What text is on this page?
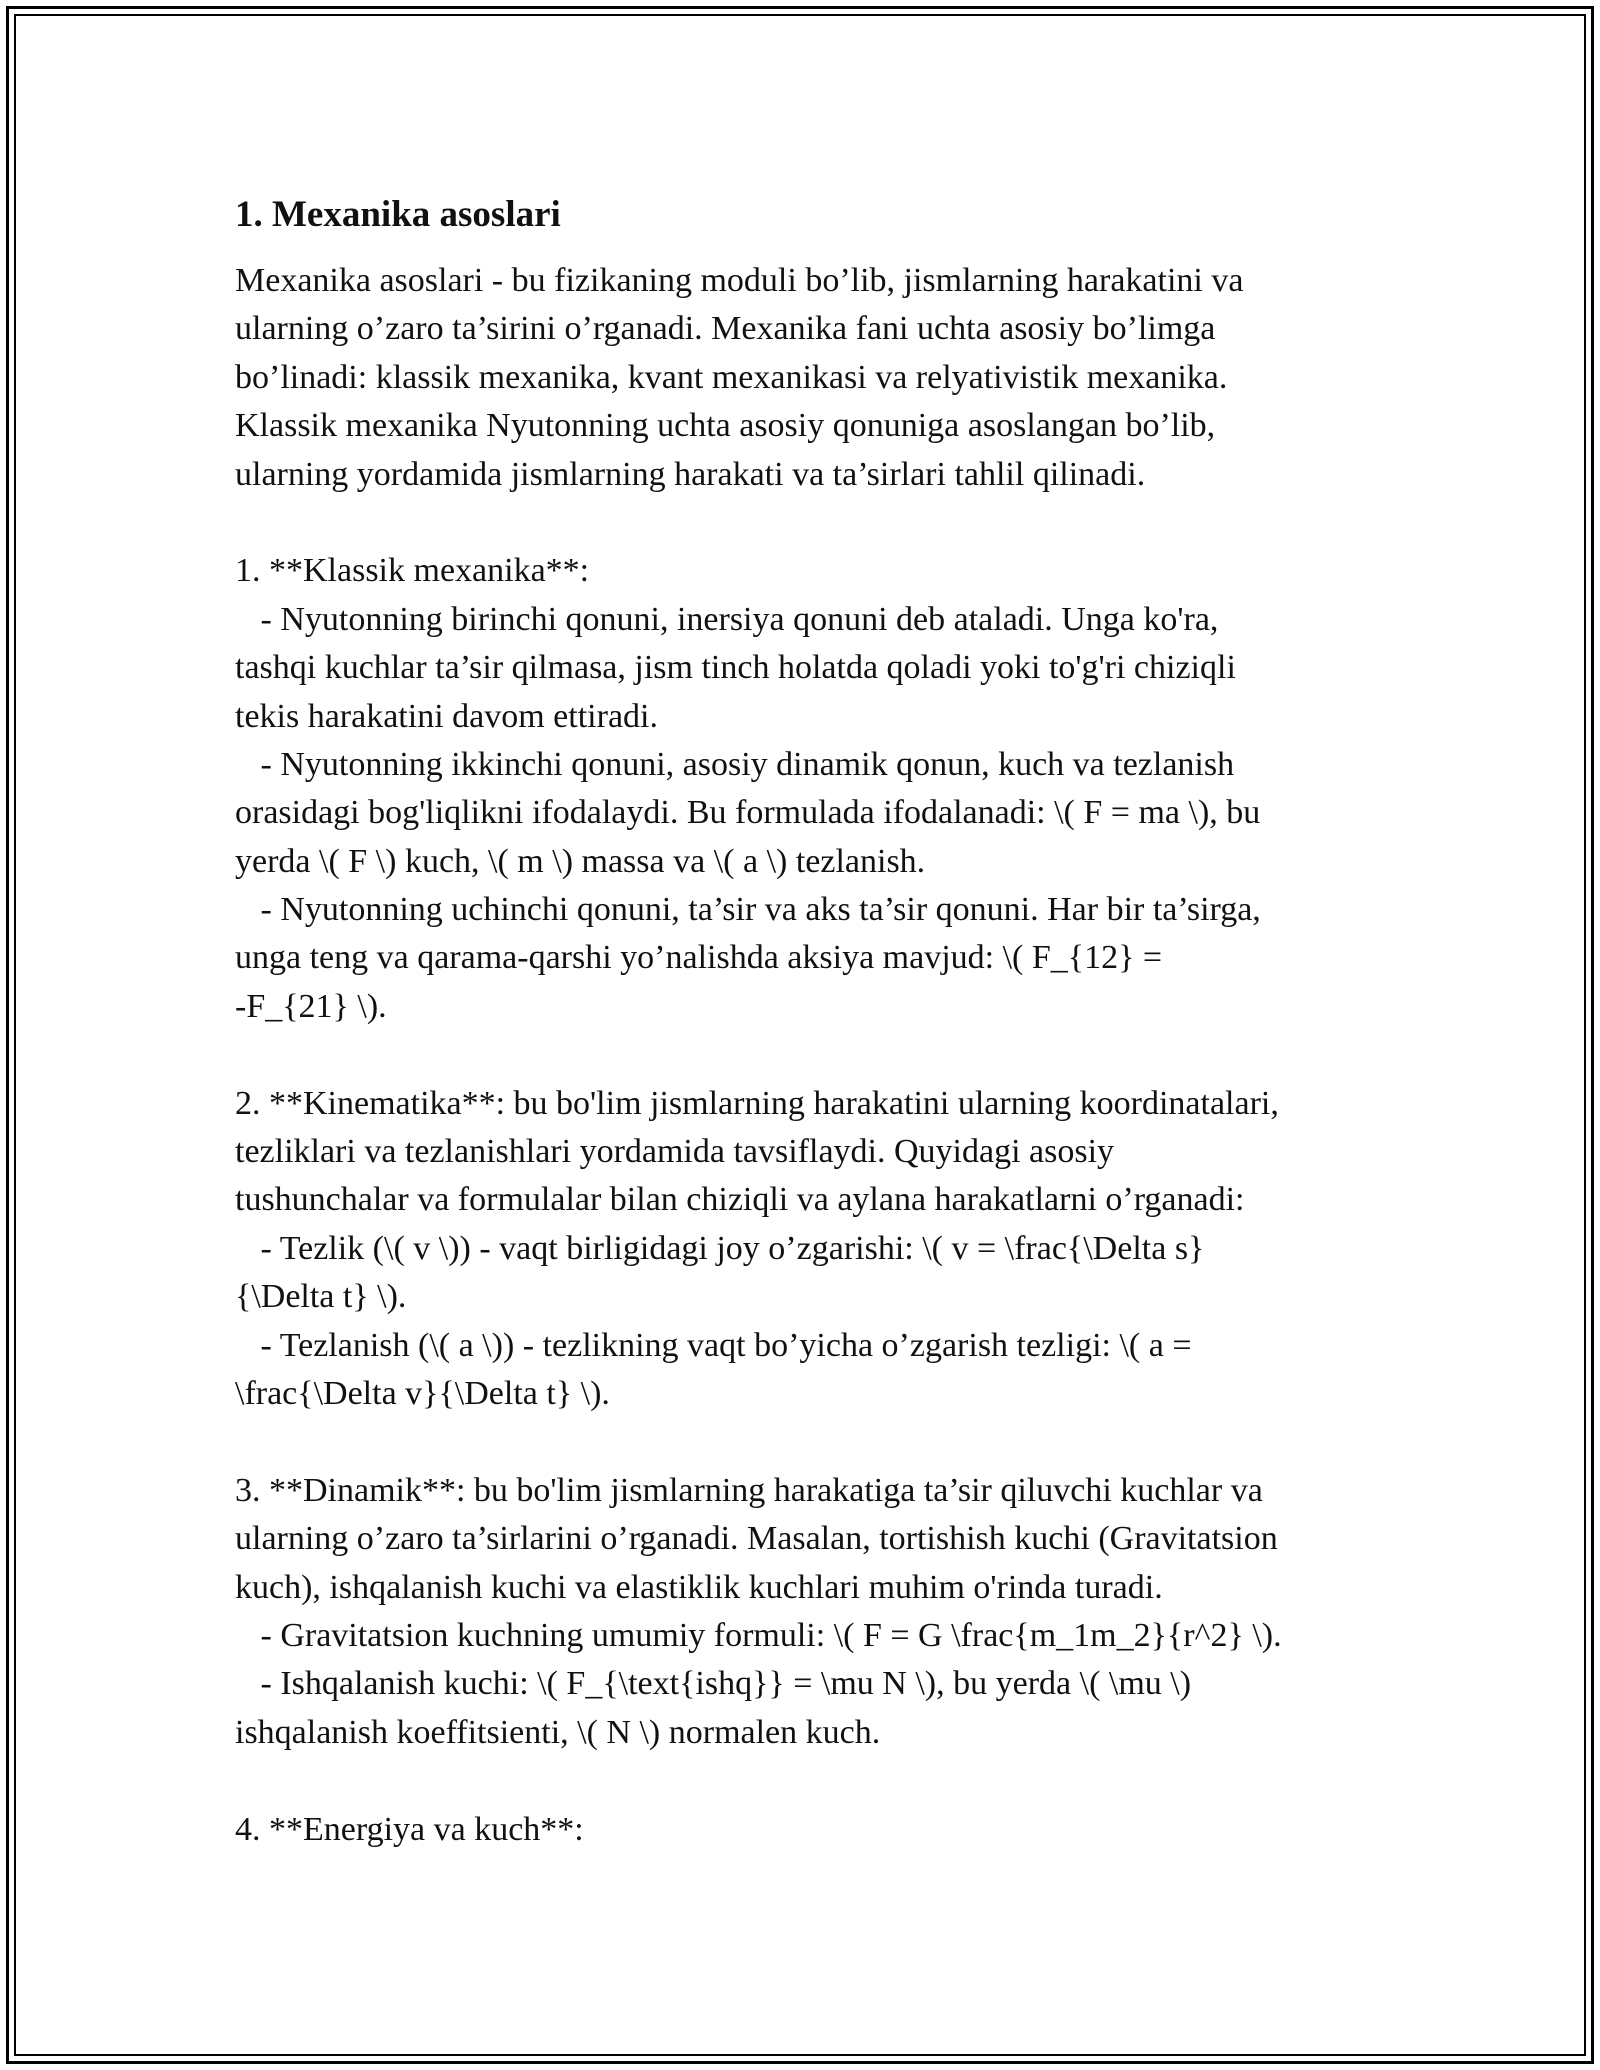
1. Mexanika asoslari
Mexanika asoslari - bu fizikaning moduli bo’lib, jismlarning harakatini va
ularning o’zaro ta’sirini o’rganadi. Mexanika fani uchta asosiy bo’limga
bo’linadi: klassik mexanika, kvant mexanikasi va relyativistik mexanika.
Klassik mexanika Nyutonning uchta asosiy qonuniga asoslangan bo’lib,
ularning yordamida jismlarning harakati va ta’sirlari tahlil qilinadi.
1. **Klassik mexanika**:
- Nyutonning birinchi qonuni, inersiya qonuni deb ataladi. Unga ko'ra,
tashqi kuchlar ta’sir qilmasa, jism tinch holatda qoladi yoki to'g'ri chiziqli
tekis harakatini davom ettiradi.
- Nyutonning ikkinchi qonuni, asosiy dinamik qonun, kuch va tezlanish
orasidagi bog'liqlikni ifodalaydi. Bu formulada ifodalanadi: \( F = ma \), bu
yerda \( F \) kuch, \( m \) massa va \( a \) tezlanish.
- Nyutonning uchinchi qonuni, ta’sir va aks ta’sir qonuni. Har bir ta’sirga,
unga teng va qarama-qarshi yo’nalishda aksiya mavjud: \( F_{12} =
-F_{21} \).
2. **Kinematika**: bu bo'lim jismlarning harakatini ularning koordinatalari,
tezliklari va tezlanishlari yordamida tavsiflaydi. Quyidagi asosiy
tushunchalar va formulalar bilan chiziqli va aylana harakatlarni o’rganadi:
- Tezlik (\( v \)) - vaqt birligidagi joy o’zgarishi: \( v = \frac{\Delta s}
{\Delta t} \).
- Tezlanish (\( a \)) - tezlikning vaqt bo’yicha o’zgarish tezligi: \( a =
\frac{\Delta v}{\Delta t} \).
3. **Dinamik**: bu bo'lim jismlarning harakatiga ta’sir qiluvchi kuchlar va
ularning o’zaro ta’sirlarini o’rganadi. Masalan, tortishish kuchi (Gravitatsion
kuch), ishqalanish kuchi va elastiklik kuchlari muhim o'rinda turadi.
- Gravitatsion kuchning umumiy formuli: \( F = G \frac{m_1m_2}{r^2} \).
- Ishqalanish kuchi: \( F_{\text{ishq}} = \mu N \), bu yerda \( \mu \)
ishqalanish koeffitsienti, \( N \) normalen kuch.
4. **Energiya va kuch**:
